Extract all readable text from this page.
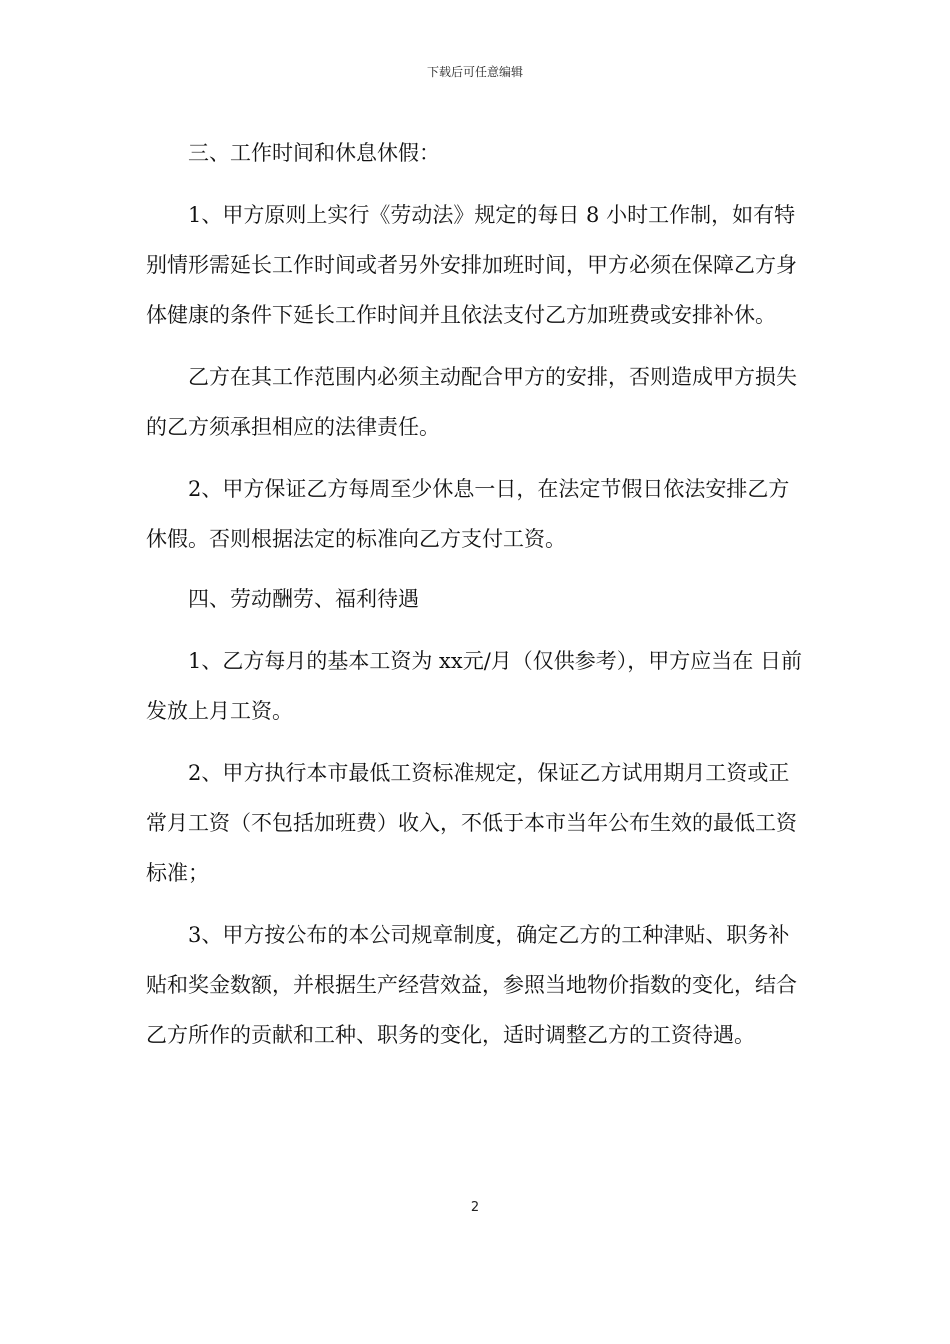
下载后可任意编辑

三、工作时间和休息休假：

1、甲方原则上实行《劳动法》规定的每日 8 小时工作制，如有特别情形需延长工作时间或者另外安排加班时间，甲方必须在保障乙方身体健康的条件下延长工作时间并且依法支付乙方加班费或安排补休。

乙方在其工作范围内必须主动配合甲方的安排，否则造成甲方损失的乙方须承担相应的法律责任。

2、甲方保证乙方每周至少休息一日，在法定节假日依法安排乙方休假。否则根据法定的标准向乙方支付工资。

四、劳动酬劳、福利待遇

1、乙方每月的基本工资为 xx元/月（仅供参考），甲方应当在 日前发放上月工资。

2、甲方执行本市最低工资标准规定，保证乙方试用期月工资或正常月工资（不包括加班费）收入，不低于本市当年公布生效的最低工资标准；

3、甲方按公布的本公司规章制度，确定乙方的工种津贴、职务补贴和奖金数额，并根据生产经营效益，参照当地物价指数的变化，结合乙方所作的贡献和工种、职务的变化，适时调整乙方的工资待遇。

2
